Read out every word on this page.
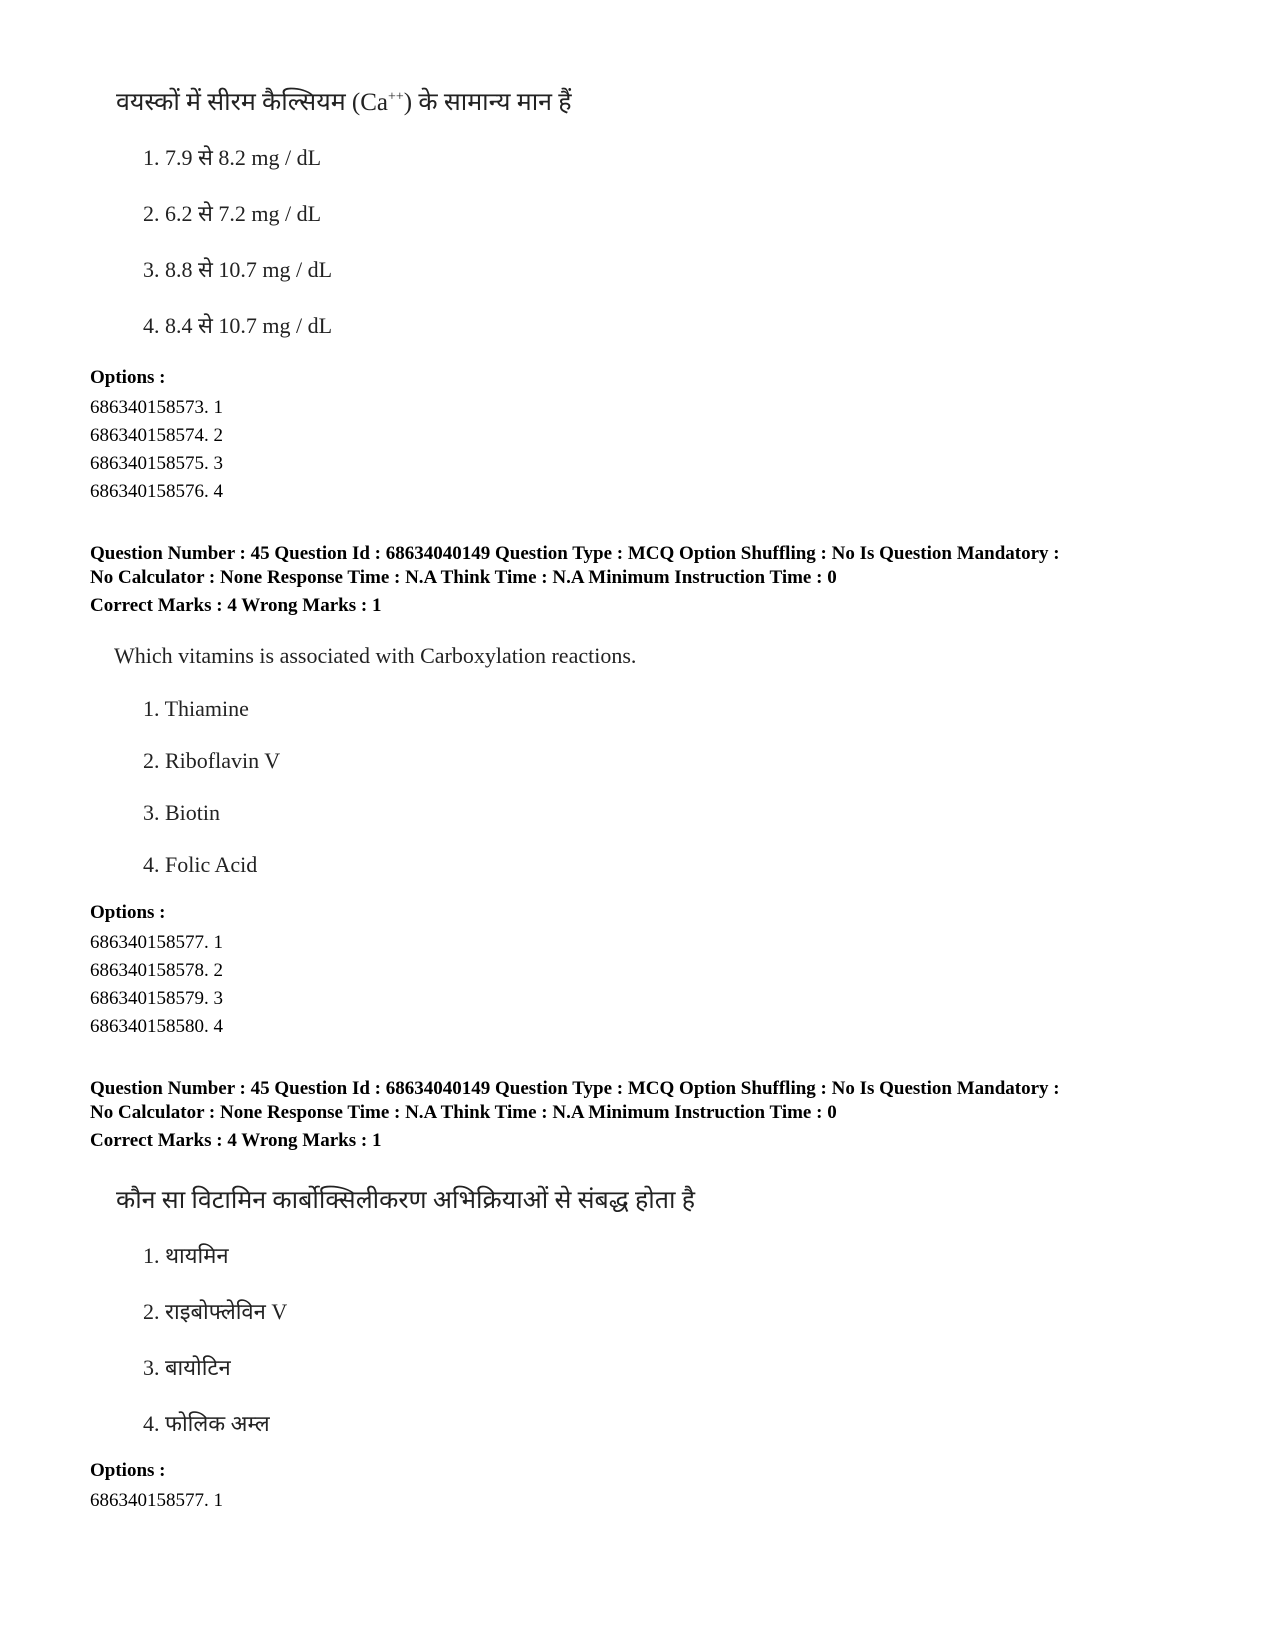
वयस्कों में सीरम कैल्सियम (Ca++) के सामान्य मान हैं

1. 7.9 से 8.2 mg / dL

2. 6.2 से 7.2 mg / dL

3. 8.8 से 10.7 mg / dL

4. 8.4 से 10.7 mg / dL

Options :

686340158573. 1
686340158574. 2
686340158575. 3
686340158576. 4
Question Number : 45 Question Id : 68634040149 Question Type : MCQ Option Shuffling : No Is Question Mandatory :
No Calculator : None Response Time : N.A Think Time : N.A Minimum Instruction Time : 0
Correct Marks : 4 Wrong Marks : 1

Which vitamins is associated with Carboxylation reactions.

1. Thiamine

2. Riboflavin V

3. Biotin

4. Folic Acid

Options :

686340158577. 1
686340158578. 2
686340158579. 3
686340158580. 4
Question Number : 45 Question Id : 68634040149 Question Type : MCQ Option Shuffling : No Is Question Mandatory :
No Calculator : None Response Time : N.A Think Time : N.A Minimum Instruction Time : 0
Correct Marks : 4 Wrong Marks : 1

कौन सा विटामिन कार्बोक्सिलीकरण अभिक्रियाओं से संबद्ध होता है

1. थायमिन

2. राइबोफ्लेविन V

3. बायोटिन

4. फोलिक अम्ल

Options :

686340158577. 1
